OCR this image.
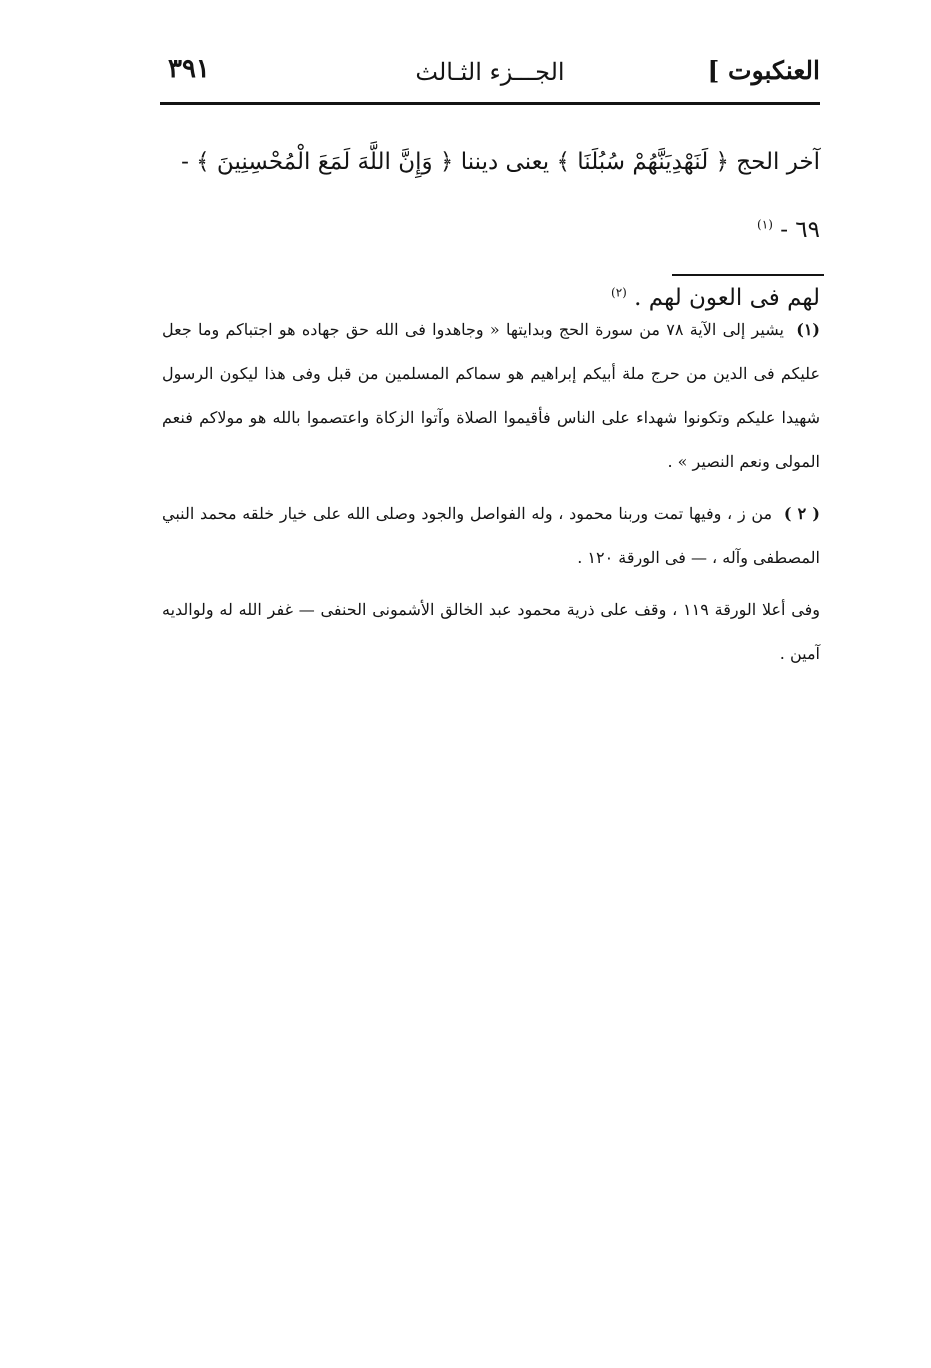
العنكبوت ]
الجـــزء الثـالث
٣٩١

آخر الحج ﴿ لَنَهْدِيَنَّهُمْ سُبُلَنَا ﴾ يعنى ديننا ﴿ وَإِنَّ اللَّهَ لَمَعَ الْمُحْسِنِينَ ﴾ - ٦٩ - $^{(١)}$

لهم فى العون لهم . $^{(٢)}$

(١) يشير إلى الآية ٧٨ من سورة الحج وبدايتها « وجاهدوا فى الله حق جهاده هو اجتباكم وما جعل عليكم فى الدين من حرج ملة أبيكم إبراهيم هو سماكم المسلمين من قبل وفى هذا ليكون الرسول شهيدا عليكم وتكونوا شهداء على الناس فأقيموا الصلاة وآتوا الزكاة واعتصموا بالله هو مولاكم فنعم المولى ونعم النصير » .

( ٢ ) من ز ، وفيها تمت وربنا محمود ، وله الفواصل والجود وصلى الله على خيار خلقه محمد النبي المصطفى وآله ، — فى الورقة ١٢٠ .

وفى أعلا الورقة ١١٩ ، وقف على ذرية محمود عبد الخالق الأشمونى الحنفى — غفر الله له ولوالديه آمين .
